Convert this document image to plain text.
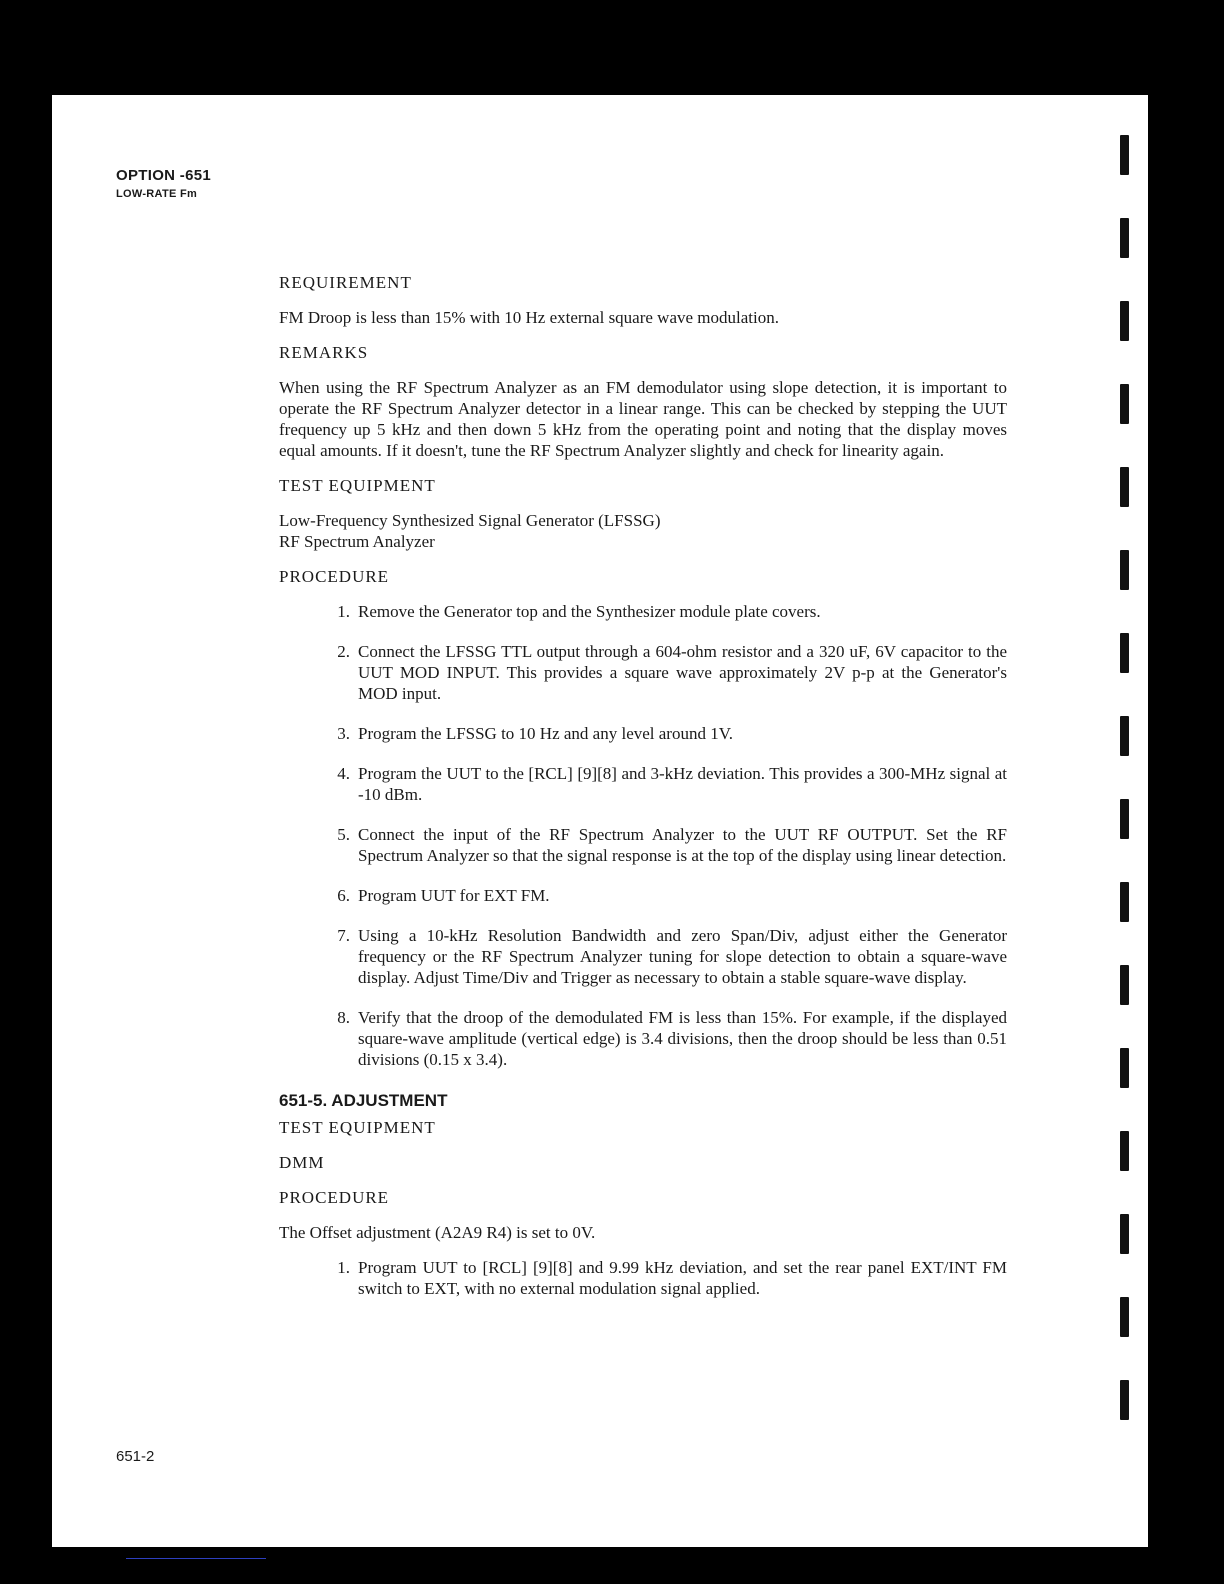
OPTION -651
LOW-RATE Fm
REQUIREMENT
FM Droop is less than 15% with 10 Hz external square wave modulation.
REMARKS
When using the RF Spectrum Analyzer as an FM demodulator using slope detection, it is important to operate the RF Spectrum Analyzer detector in a linear range. This can be checked by stepping the UUT frequency up 5 kHz and then down 5 kHz from the operating point and noting that the display moves equal amounts. If it doesn't, tune the RF Spectrum Analyzer slightly and check for linearity again.
TEST EQUIPMENT
Low-Frequency Synthesized Signal Generator (LFSSG)
RF Spectrum Analyzer
PROCEDURE
1. Remove the Generator top and the Synthesizer module plate covers.
2. Connect the LFSSG TTL output through a 604-ohm resistor and a 320 uF, 6V capacitor to the UUT MOD INPUT. This provides a square wave approximately 2V p-p at the Generator's MOD input.
3. Program the LFSSG to 10 Hz and any level around 1V.
4. Program the UUT to the [RCL] [9][8] and 3-kHz deviation. This provides a 300-MHz signal at -10 dBm.
5. Connect the input of the RF Spectrum Analyzer to the UUT RF OUTPUT. Set the RF Spectrum Analyzer so that the signal response is at the top of the display using linear detection.
6. Program UUT for EXT FM.
7. Using a 10-kHz Resolution Bandwidth and zero Span/Div, adjust either the Generator frequency or the RF Spectrum Analyzer tuning for slope detection to obtain a square-wave display. Adjust Time/Div and Trigger as necessary to obtain a stable square-wave display.
8. Verify that the droop of the demodulated FM is less than 15%. For example, if the displayed square-wave amplitude (vertical edge) is 3.4 divisions, then the droop should be less than 0.51 divisions (0.15 x 3.4).
651-5. ADJUSTMENT
TEST EQUIPMENT
DMM
PROCEDURE
The Offset adjustment (A2A9 R4) is set to 0V.
1. Program UUT to [RCL] [9][8] and 9.99 kHz deviation, and set the rear panel EXT/INT FM switch to EXT, with no external modulation signal applied.
651-2
